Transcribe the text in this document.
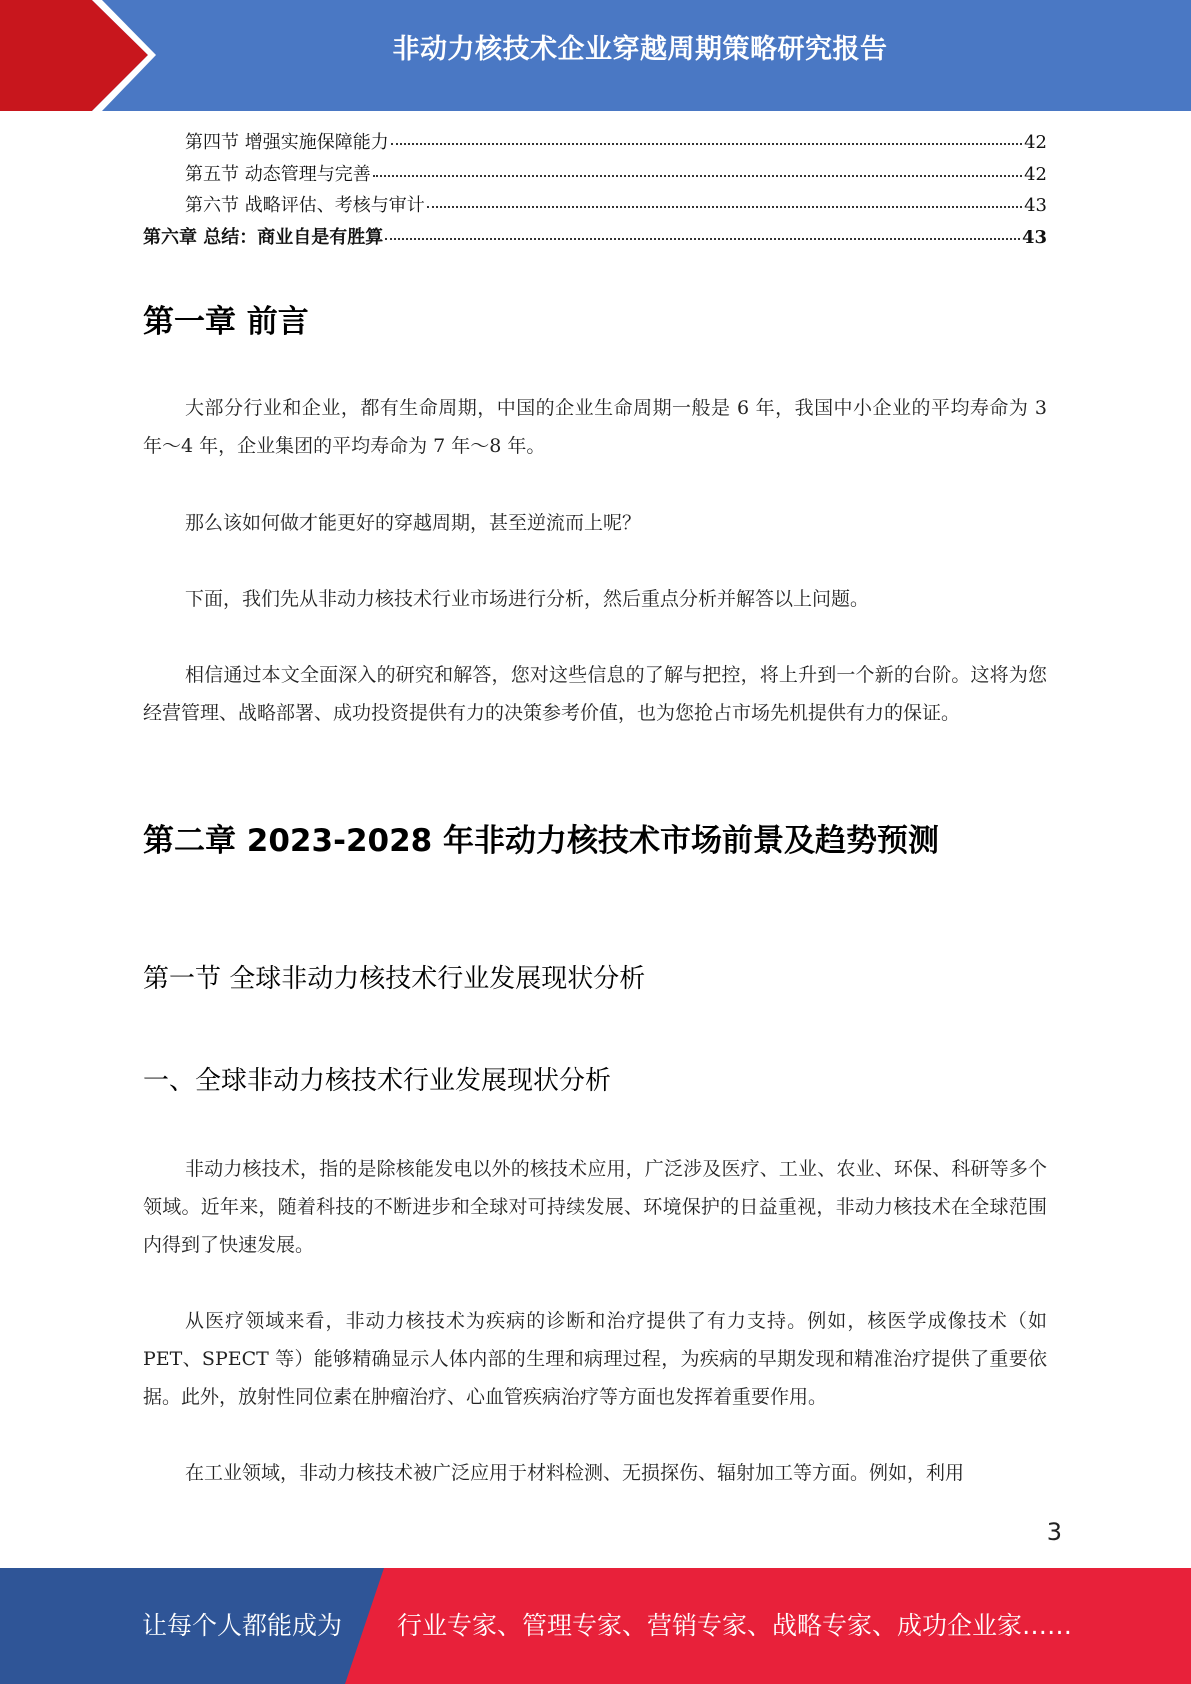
非动力核技术企业穿越周期策略研究报告
第四节 增强实施保障能力	42
第五节 动态管理与完善	42
第六节 战略评估、考核与审计	43
第六章 总结：商业自是有胜算	43
第一章 前言
大部分行业和企业，都有生命周期，中国的企业生命周期一般是 6 年，我国中小企业的平均寿命为 3 年～4 年，企业集团的平均寿命为 7 年～8 年。
那么该如何做才能更好的穿越周期，甚至逆流而上呢？
下面，我们先从非动力核技术行业市场进行分析，然后重点分析并解答以上问题。
相信通过本文全面深入的研究和解答，您对这些信息的了解与把控，将上升到一个新的台阶。这将为您经营管理、战略部署、成功投资提供有力的决策参考价值，也为您抢占市场先机提供有力的保证。
第二章 2023-2028 年非动力核技术市场前景及趋势预测
第一节 全球非动力核技术行业发展现状分析
一、全球非动力核技术行业发展现状分析
非动力核技术，指的是除核能发电以外的核技术应用，广泛涉及医疗、工业、农业、环保、科研等多个领域。近年来，随着科技的不断进步和全球对可持续发展、环境保护的日益重视，非动力核技术在全球范围内得到了快速发展。
从医疗领域来看，非动力核技术为疾病的诊断和治疗提供了有力支持。例如，核医学成像技术（如 PET、SPECT 等）能够精确显示人体内部的生理和病理过程，为疾病的早期发现和精准治疗提供了重要依据。此外，放射性同位素在肿瘤治疗、心血管疾病治疗等方面也发挥着重要作用。
在工业领域，非动力核技术被广泛应用于材料检测、无损探伤、辐射加工等方面。例如，利用
3
让每个人都能成为 行业专家、管理专家、营销专家、战略专家、成功企业家……
